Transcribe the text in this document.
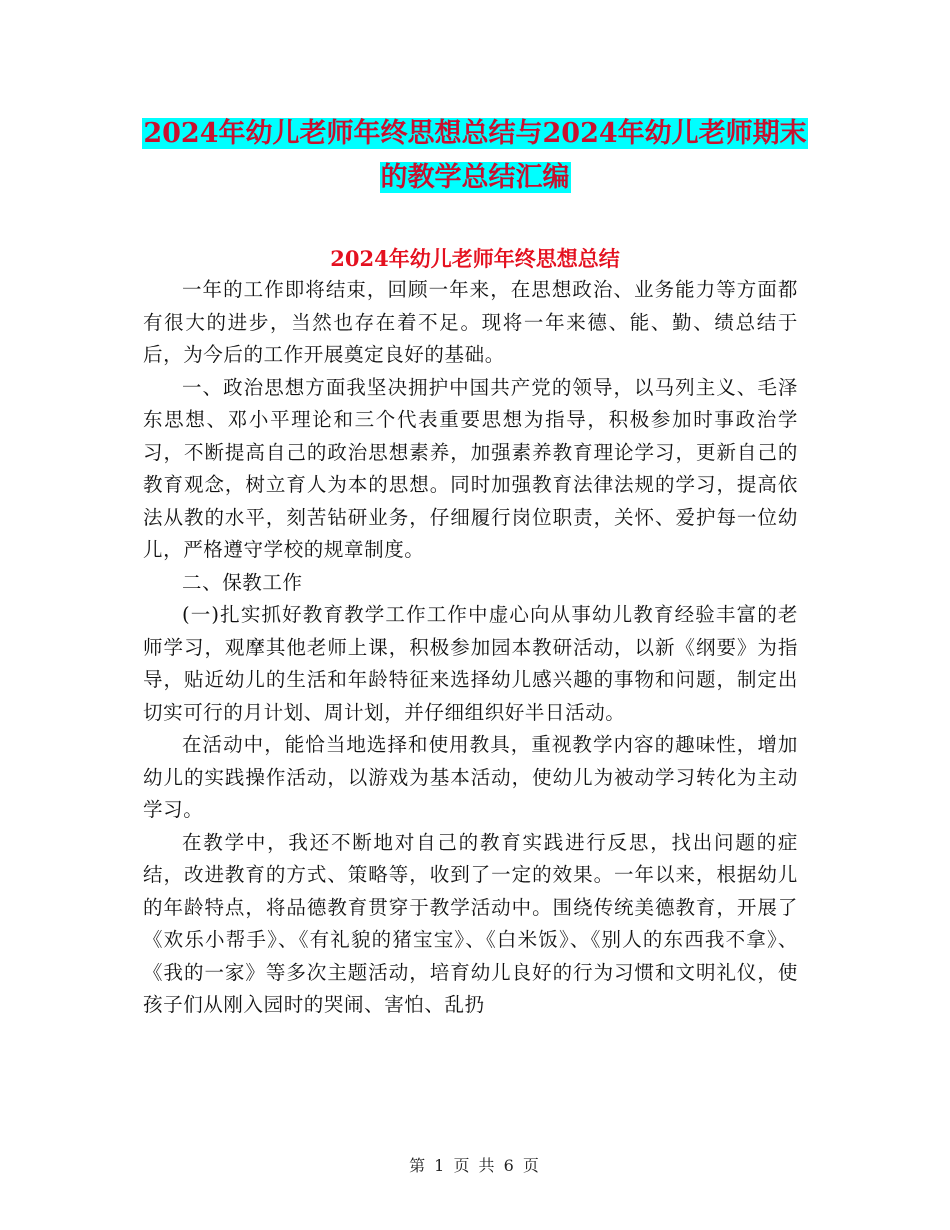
2024年幼儿老师年终思想总结与2024年幼儿老师期末
的教学总结汇编
2024年幼儿老师年终思想总结

一年的工作即将结束，回顾一年来，在思想政治、业务能力等方面都有很大的进步，当然也存在着不足。现将一年来德、能、勤、绩总结于后，为今后的工作开展奠定良好的基础。

一、政治思想方面我坚决拥护中国共产党的领导，以马列主义、毛泽东思想、邓小平理论和三个代表重要思想为指导，积极参加时事政治学习，不断提高自己的政治思想素养，加强素养教育理论学习，更新自己的教育观念，树立育人为本的思想。同时加强教育法律法规的学习，提高依法从教的水平，刻苦钻研业务，仔细履行岗位职责，关怀、爱护每一位幼儿，严格遵守学校的规章制度。

二、保教工作

(一)扎实抓好教育教学工作工作中虚心向从事幼儿教育经验丰富的老师学习，观摩其他老师上课，积极参加园本教研活动，以新《纲要》为指导，贴近幼儿的生活和年龄特征来选择幼儿感兴趣的事物和问题，制定出切实可行的月计划、周计划，并仔细组织好半日活动。

在活动中，能恰当地选择和使用教具，重视教学内容的趣味性，增加幼儿的实践操作活动，以游戏为基本活动，使幼儿为被动学习转化为主动学习。

在教学中，我还不断地对自己的教育实践进行反思，找出问题的症结，改进教育的方式、策略等，收到了一定的效果。一年以来，根据幼儿的年龄特点，将品德教育贯穿于教学活动中。围绕传统美德教育，开展了《欢乐小帮手》、《有礼貌的猪宝宝》、《白米饭》、《别人的东西我不拿》、《我的一家》等多次主题活动，培育幼儿良好的行为习惯和文明礼仪，使孩子们从刚入园时的哭闹、害怕、乱扔

第 1 页 共 6 页
